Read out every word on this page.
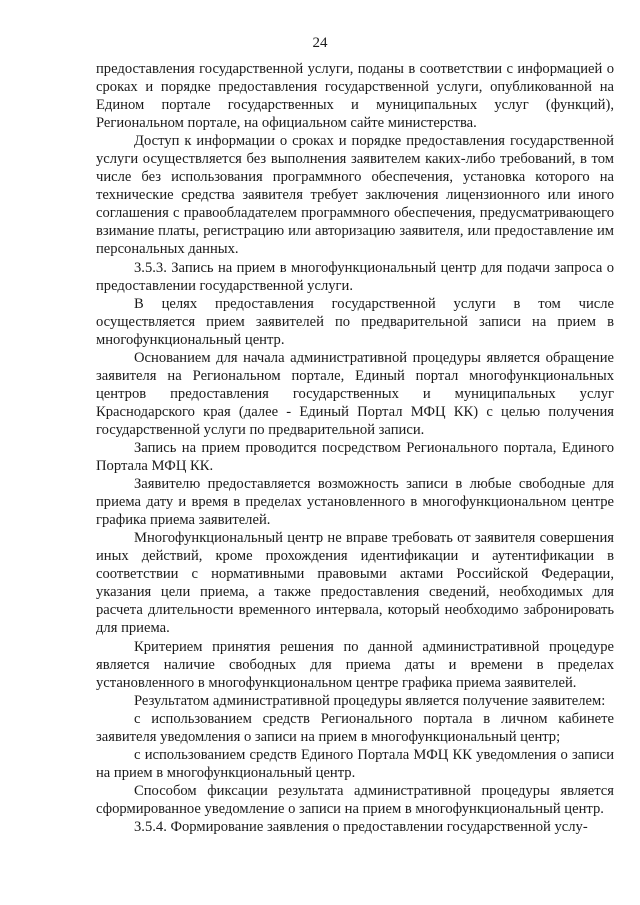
24

предоставления государственной услуги, поданы в соответствии с информацией о сроках и порядке предоставления государственной услуги, опубликованной на Едином портале государственных и муниципальных услуг (функций), Региональном портале, на официальном сайте министерства.

Доступ к информации о сроках и порядке предоставления государственной услуги осуществляется без выполнения заявителем каких-либо требований, в том числе без использования программного обеспечения, установка которого на технические средства заявителя требует заключения лицензионного или иного соглашения с правообладателем программного обеспечения, предусматривающего взимание платы, регистрацию или авторизацию заявителя, или предоставление им персональных данных.

3.5.3. Запись на прием в многофункциональный центр для подачи запроса о предоставлении государственной услуги.

В целях предоставления государственной услуги в том числе осуществляется прием заявителей по предварительной записи на прием в многофункциональный центр.

Основанием для начала административной процедуры является обращение заявителя на Региональном портале, Единый портал многофункциональных центров предоставления государственных и муниципальных услуг Краснодарского края (далее - Единый Портал МФЦ КК) с целью получения государственной услуги по предварительной записи.

Запись на прием проводится посредством Регионального портала, Единого Портала МФЦ КК.

Заявителю предоставляется возможность записи в любые свободные для приема дату и время в пределах установленного в многофункциональном центре графика приема заявителей.

Многофункциональный центр не вправе требовать от заявителя совершения иных действий, кроме прохождения идентификации и аутентификации в соответствии с нормативными правовыми актами Российской Федерации, указания цели приема, а также предоставления сведений, необходимых для расчета длительности временного интервала, который необходимо забронировать для приема.

Критерием принятия решения по данной административной процедуре является наличие свободных для приема даты и времени в пределах установленного в многофункциональном центре графика приема заявителей.

Результатом административной процедуры является получение заявителем:

с использованием средств Регионального портала в личном кабинете заявителя уведомления о записи на прием в многофункциональный центр;

с использованием средств Единого Портала МФЦ КК уведомления о записи на прием в многофункциональный центр.

Способом фиксации результата административной процедуры является сформированное уведомление о записи на прием в многофункциональный центр.

3.5.4. Формирование заявления о предоставлении государственной услу-
